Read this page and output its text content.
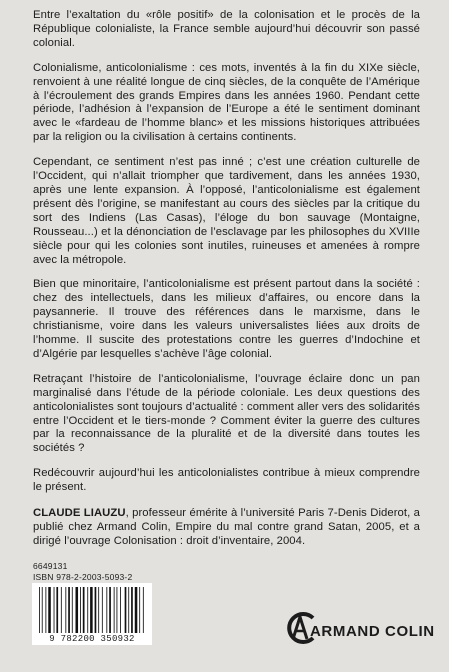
Entre l’exaltation du «rôle positif» de la colonisation et le procès de la République colonialiste, la France semble aujourd’hui découvrir son passé colonial.

Colonialisme, anticolonialisme : ces mots, inventés à la fin du XIXe siècle, renvoient à une réalité longue de cinq siècles, de la conquête de l’Amérique à l’écroulement des grands Empires dans les années 1960. Pendant cette période, l’adhésion à l’expansion de l’Europe a été le sentiment dominant avec le «fardeau de l’homme blanc» et les missions historiques attribuées par la religion ou la civilisation à certains continents.

Cependant, ce sentiment n’est pas inné ; c’est une création culturelle de l’Occident, qui n’allait triompher que tardivement, dans les années 1930, après une lente expansion. À l’opposé, l’anticolonialisme est également présent dès l’origine, se manifestant au cours des siècles par la critique du sort des Indiens (Las Casas), l’éloge du bon sauvage (Montaigne, Rousseau...) et la dénonciation de l’esclavage par les philosophes du XVIIIe siècle pour qui les colonies sont inutiles, ruineuses et amenées à rompre avec la métropole.

Bien que minoritaire, l’anticolonialisme est présent partout dans la société : chez des intellectuels, dans les milieux d’affaires, ou encore dans la paysannerie. Il trouve des références dans le marxisme, dans le christianisme, voire dans les valeurs universalistes liées aux droits de l’homme. Il suscite des protestations contre les guerres d’Indochine et d’Algérie par lesquelles s’achève l’âge colonial.

Retraçant l’histoire de l’anticolonialisme, l’ouvrage éclaire donc un pan marginalisé dans l’étude de la période coloniale. Les deux questions des anticolonialistes sont toujours d’actualité : comment aller vers des solidarités entre l’Occident et le tiers-monde ? Comment éviter la guerre des cultures par la reconnaissance de la pluralité et de la diversité dans toutes les sociétés ?

Redécouvrir aujourd’hui les anticolonialistes contribue à mieux comprendre le présent.

CLAUDE LIAUZU, professeur émérite à l’université Paris 7-Denis Diderot, a publié chez Armand Colin, Empire du mal contre grand Satan, 2005, et a dirigé l’ouvrage Colonisation : droit d’inventaire, 2004.

6649131
ISBN 978-2-2003-5093-2
9 782200 350932	ARMAND COLIN
